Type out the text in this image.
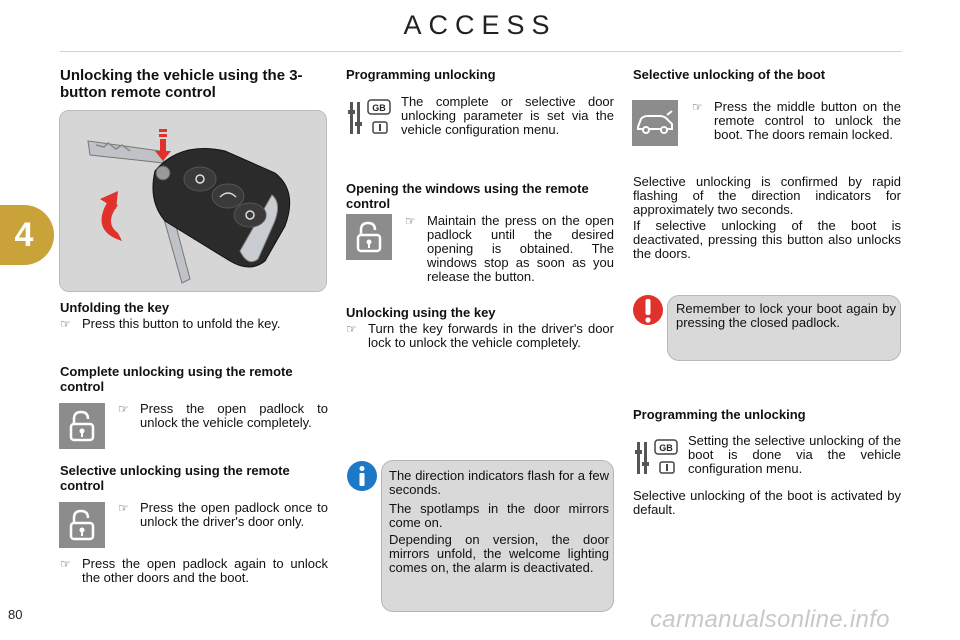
ACCESS
4
80	carmanualsonline.info
Unlocking the vehicle using the 3-button remote control
Unfolding the key
☞ Press this button to unfold the key.
Complete unlocking using the remote control
☞ Press the open padlock to unlock the vehicle completely.
Selective unlocking using the remote control
☞ Press the open padlock once to unlock the driver's door only.
☞ Press the open padlock again to unlock the other doors and the boot.
Programming unlocking
GB The complete or selective door unlocking parameter is set via the vehicle configuration menu.

Opening the windows using the remote control
☞ Maintain the press on the open padlock until the desired opening is obtained. The windows stop as soon as you release the button.
Unlocking using the key
☞ Turn the key forwards in the driver's door lock to unlock the vehicle completely.

The direction indicators flash for a few seconds.

The spotlamps in the door mirrors come on.

Depending on version, the door mirrors unfold, the welcome lighting comes on, the alarm is deactivated.

Selective unlocking of the boot
☞ Press the middle button on the remote control to unlock the boot. The doors remain locked.

Selective unlocking is confirmed by rapid flashing of the direction indicators for approximately two seconds.

If selective unlocking of the boot is deactivated, pressing this button also unlocks the doors.

Remember to lock your boot again by pressing the closed padlock.

Programming the unlocking
GB Setting the selective unlocking of the boot is done via the vehicle configuration menu.

Selective unlocking of the boot is activated by default.
